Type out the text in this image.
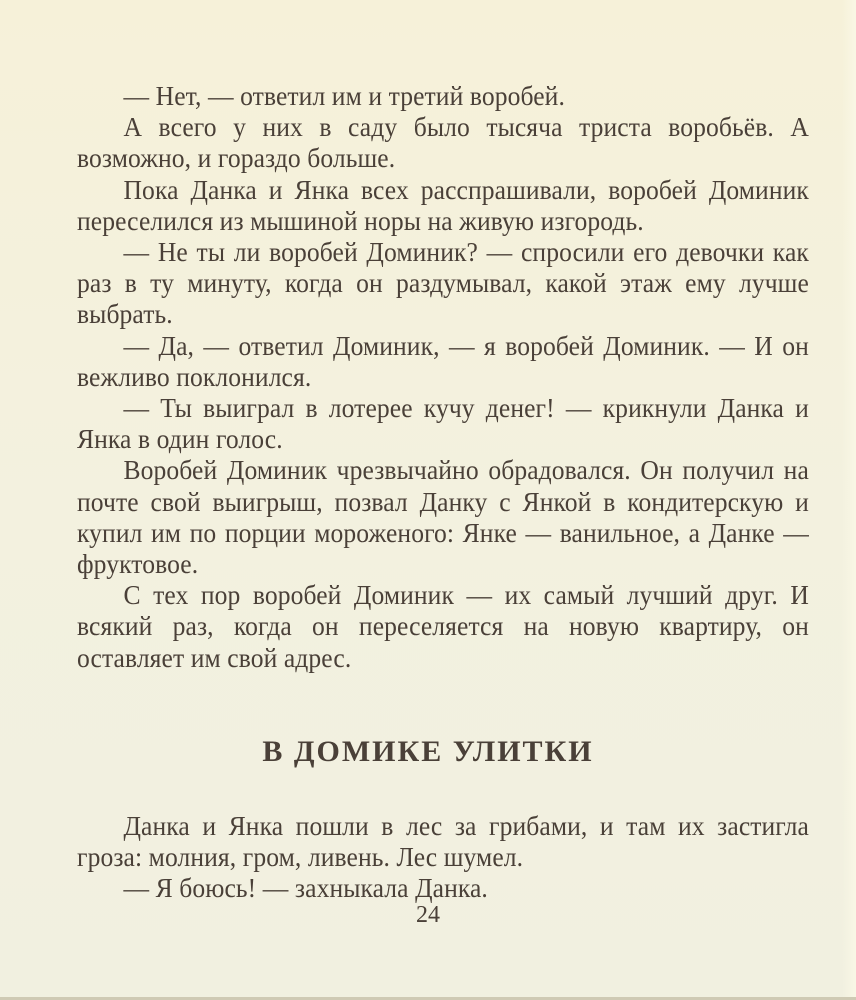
— Нет, — ответил им и третий воробей.

А всего у них в саду было тысяча триста воробьёв. А возможно, и гораздо больше.

Пока Данка и Янка всех расспрашивали, воробей Доминик переселился из мышиной норы на живую изгородь.

— Не ты ли воробей Доминик? — спросили его девочки как раз в ту минуту, когда он раздумывал, какой этаж ему лучше выбрать.

— Да, — ответил Доминик, — я воробей Доминик. — И он вежливо поклонился.

— Ты выиграл в лотерее кучу денег! — крикнули Данка и Янка в один голос.

Воробей Доминик чрезвычайно обрадовался. Он получил на почте свой выигрыш, позвал Данку с Янкой в кондитерскую и купил им по порции мороженого: Янке — ванильное, а Данке — фруктовое.

С тех пор воробей Доминик — их самый лучший друг. И всякий раз, когда он переселяется на новую квартиру, он оставляет им свой адрес.

В ДОМИКЕ УЛИТКИ

Данка и Янка пошли в лес за грибами, и там их застигла гроза: молния, гром, ливень. Лес шумел.

— Я боюсь! — захныкала Данка.

24
